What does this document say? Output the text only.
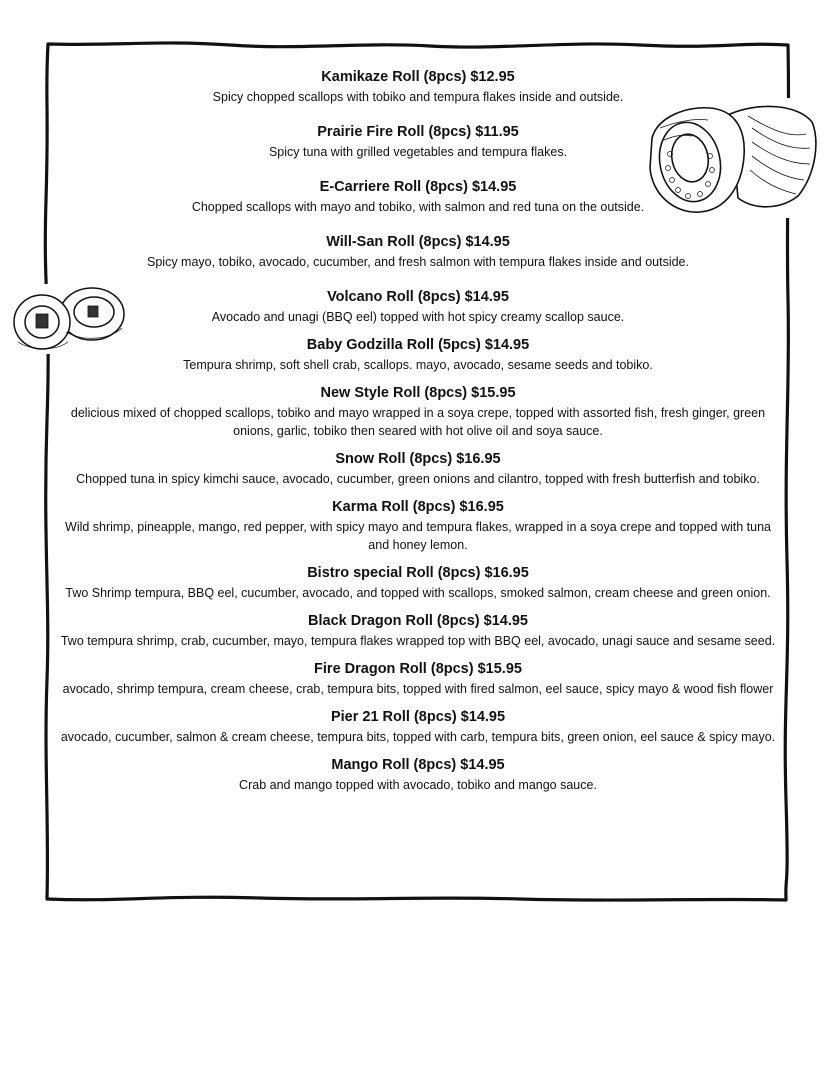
Kamikaze Roll (8pcs) $12.95

Spicy chopped scallops with tobiko and tempura flakes inside and outside.

Prairie Fire Roll (8pcs) $11.95

Spicy tuna with grilled vegetables and tempura flakes.

E-Carriere Roll (8pcs) $14.95

Chopped scallops with mayo and tobiko, with salmon and red tuna on the outside.

Will-San Roll (8pcs) $14.95

Spicy mayo, tobiko, avocado, cucumber, and fresh salmon with tempura flakes inside and outside.

Volcano Roll (8pcs) $14.95

Avocado and unagi (BBQ eel) topped with hot spicy creamy scallop sauce.

Baby Godzilla Roll (5pcs) $14.95

Tempura shrimp, soft shell crab, scallops. mayo, avocado, sesame seeds and tobiko.

New Style Roll (8pcs) $15.95

delicious mixed of chopped scallops, tobiko and mayo wrapped in a soya crepe, topped with assorted fish, fresh ginger, green onions, garlic, tobiko then seared with hot olive oil and soya sauce.

Snow Roll (8pcs) $16.95

Chopped tuna in spicy kimchi sauce, avocado, cucumber, green onions and cilantro, topped with fresh butterfish and tobiko.

Karma Roll (8pcs) $16.95

Wild shrimp, pineapple, mango, red pepper, with spicy mayo and tempura flakes, wrapped in a soya crepe and topped with tuna and honey lemon.

Bistro special Roll (8pcs) $16.95

Two Shrimp tempura, BBQ eel, cucumber, avocado, and topped with scallops, smoked salmon, cream cheese and green onion.

Black Dragon Roll (8pcs) $14.95

Two tempura shrimp, crab, cucumber, mayo, tempura flakes wrapped top with BBQ eel, avocado, unagi sauce and sesame seed.

Fire Dragon Roll (8pcs) $15.95

avocado, shrimp tempura, cream cheese, crab, tempura bits, topped with fired salmon, eel sauce, spicy mayo & wood fish flower

Pier 21 Roll (8pcs) $14.95

avocado, cucumber, salmon & cream cheese, tempura bits, topped with carb, tempura bits, green onion, eel sauce & spicy mayo.

Mango Roll (8pcs) $14.95

Crab and mango topped with avocado, tobiko and mango sauce.
